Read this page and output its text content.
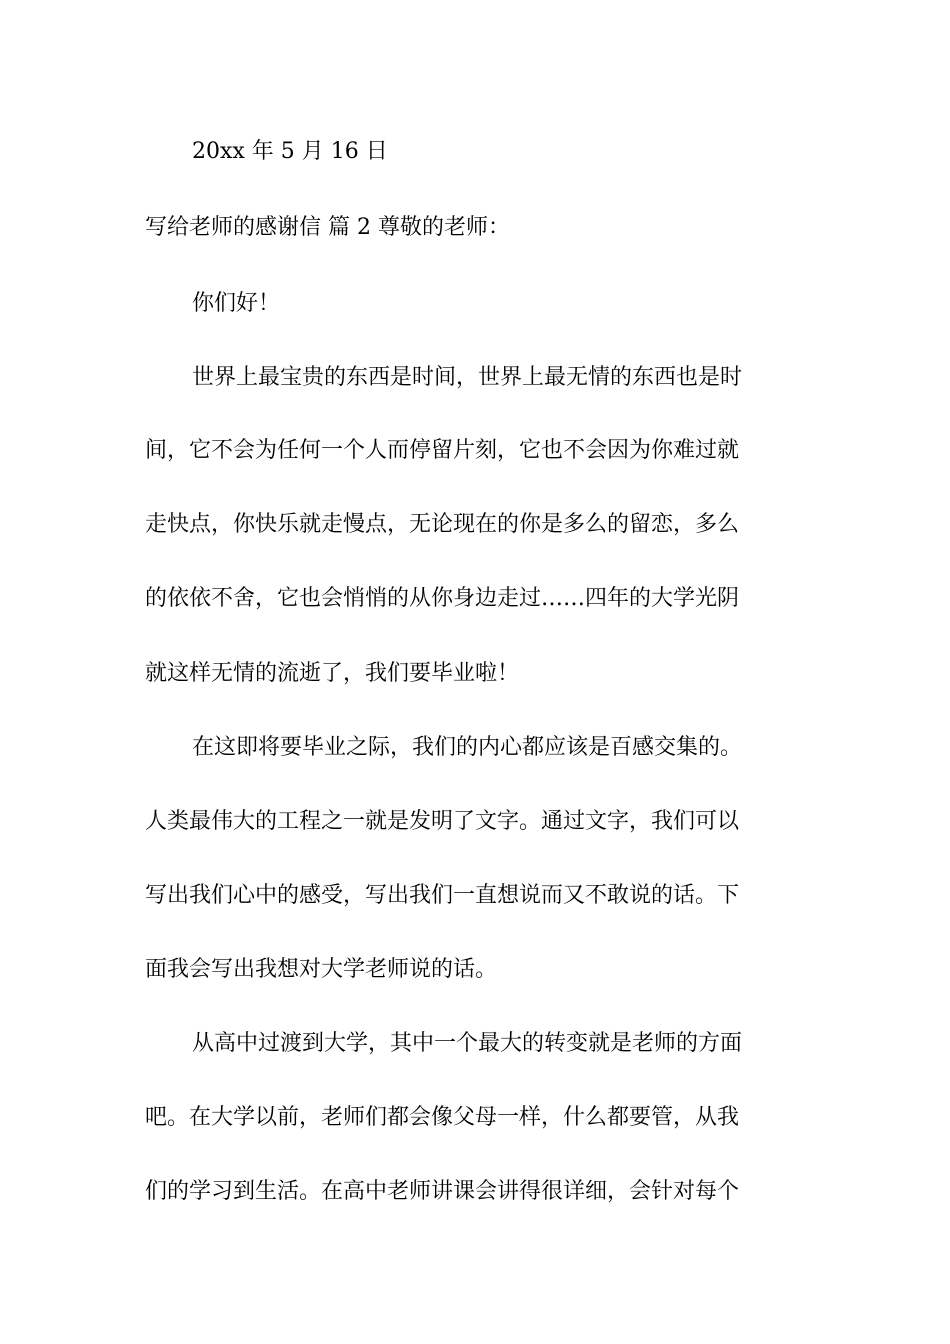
20xx 年 5 月 16 日
写给老师的感谢信 篇 2 尊敬的老师：
你们好！
世界上最宝贵的东西是时间，世界上最无情的东西也是时
间，它不会为任何一个人而停留片刻，它也不会因为你难过就
走快点，你快乐就走慢点，无论现在的你是多么的留恋，多么
的依依不舍，它也会悄悄的从你身边走过……四年的大学光阴
就这样无情的流逝了，我们要毕业啦！
在这即将要毕业之际，我们的内心都应该是百感交集的。
人类最伟大的工程之一就是发明了文字。通过文字，我们可以
写出我们心中的感受，写出我们一直想说而又不敢说的话。下
面我会写出我想对大学老师说的话。
从高中过渡到大学，其中一个最大的转变就是老师的方面
吧。在大学以前，老师们都会像父母一样，什么都要管，从我
们的学习到生活。在高中老师讲课会讲得很详细，会针对每个
